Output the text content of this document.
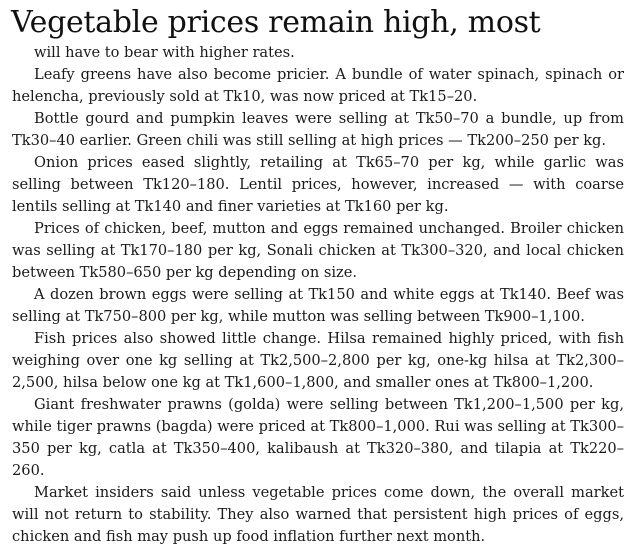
Vegetable prices remain high, most

will have to bear with higher rates.

Leafy greens have also become pricier. A bundle of water spinach, spinach or helencha, previously sold at Tk10, was now priced at Tk15–20.

Bottle gourd and pumpkin leaves were selling at Tk50–70 a bundle, up from Tk30–40 earlier. Green chili was still selling at high prices — Tk200–250 per kg.

Onion prices eased slightly, retailing at Tk65–70 per kg, while garlic was selling between Tk120–180. Lentil prices, however, increased — with coarse lentils selling at Tk140 and finer varieties at Tk160 per kg.

Prices of chicken, beef, mutton and eggs remained unchanged. Broiler chicken was selling at Tk170–180 per kg, Sonali chicken at Tk300–320, and local chicken between Tk580–650 per kg depending on size.

A dozen brown eggs were selling at Tk150 and white eggs at Tk140. Beef was selling at Tk750–800 per kg, while mutton was selling between Tk900–1,100.

Fish prices also showed little change. Hilsa remained highly priced, with fish weighing over one kg selling at Tk2,500–2,800 per kg, one-kg hilsa at Tk2,300–2,500, hilsa below one kg at Tk1,600–1,800, and smaller ones at Tk800–1,200.

Giant freshwater prawns (golda) were selling between Tk1,200–1,500 per kg, while tiger prawns (bagda) were priced at Tk800–1,000. Rui was selling at Tk300–350 per kg, catla at Tk350–400, kalibaush at Tk320–380, and tilapia at Tk220–260.

Market insiders said unless vegetable prices come down, the overall market will not return to stability. They also warned that persistent high prices of eggs, chicken and fish may push up food inflation further next month.
